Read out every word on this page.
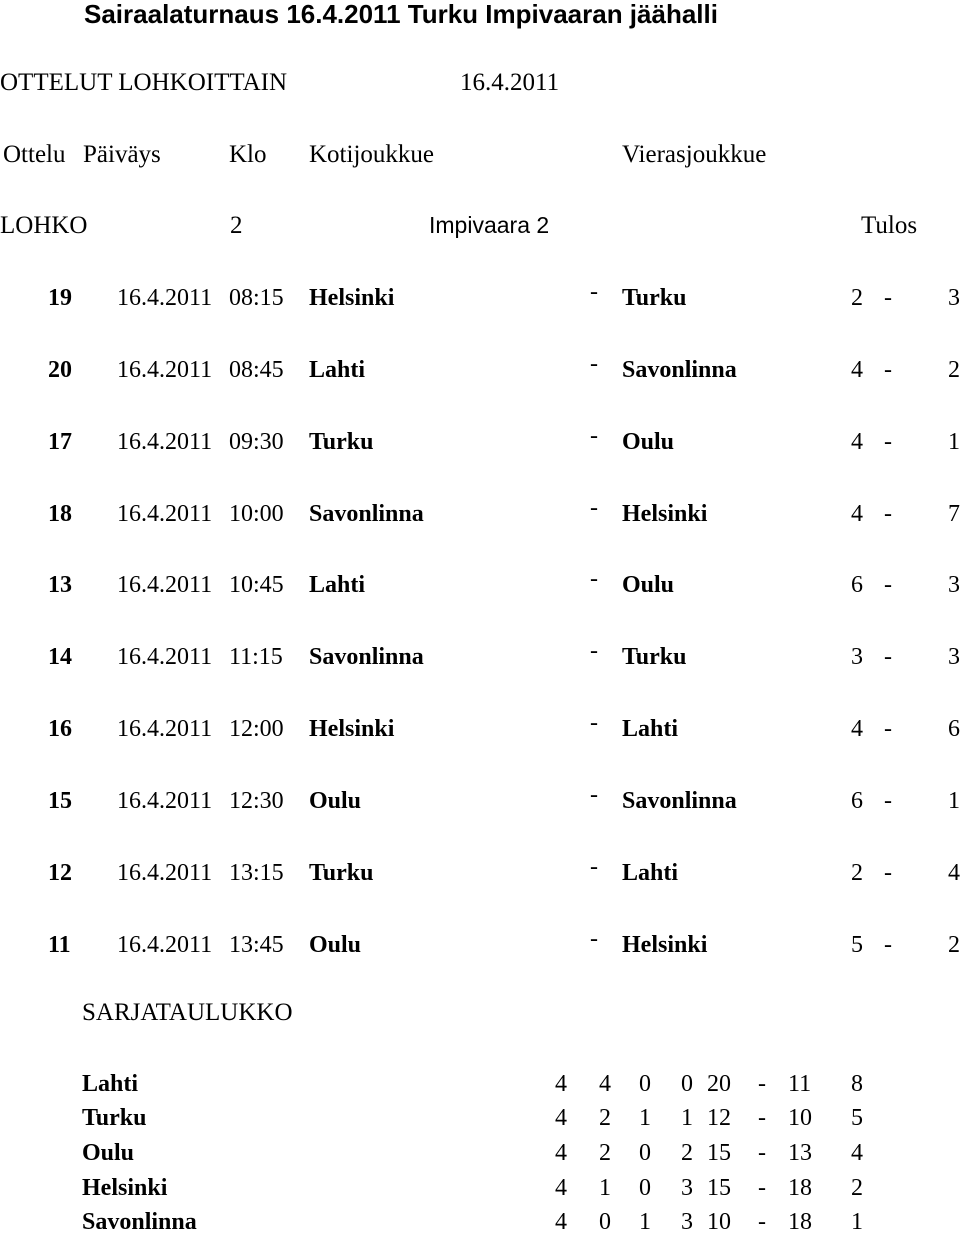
Sairaalaturnaus 16.4.2011 Turku Impivaaran jäähalli
OTTELUT LOHKOITTAIN	16.4.2011
Ottelu Päiväys	Klo Kotijoukkue	Vierasjoukkue
LOHKO	2	Impivaara 2	Tulos
19 16.4.2011 08:15 Helsinki	- Turku	2 - 3
20 16.4.2011 08:45 Lahti	- Savonlinna	4 - 2
17 16.4.2011 09:30 Turku	- Oulu	4 - 1
18 16.4.2011 10:00 Savonlinna	- Helsinki	4 - 7
13 16.4.2011 10:45 Lahti	- Oulu	6 - 3
14 16.4.2011 11:15 Savonlinna	- Turku	3 - 3
16 16.4.2011 12:00 Helsinki	- Lahti	4 - 6
15 16.4.2011 12:30 Oulu	- Savonlinna	6 - 1
12 16.4.2011 13:15 Turku	- Lahti	2 - 4
11 16.4.2011 13:45 Oulu	- Helsinki	5 - 2
SARJATAULUKKO
Lahti	4 4 0 0 20 - 11 8
Turku	4 2 1 1 12 - 10 5
Oulu	4 2 0 2 15 - 13 4
Helsinki	4 1 0 3 15 - 18 2
Savonlinna	4 0 1 3 10 - 18 1
